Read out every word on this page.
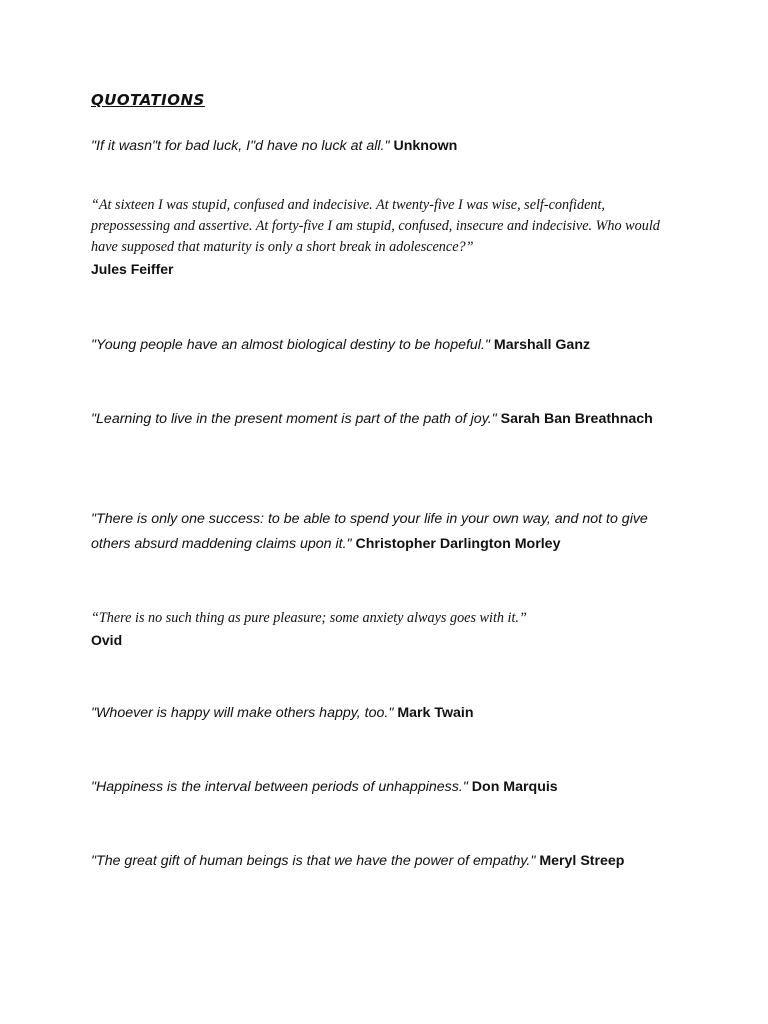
QUOTATIONS
"If it wasn"t for bad luck, I"d have no luck at all." Unknown
“At sixteen I was stupid, confused and indecisive. At twenty-five I was wise, self-confident, prepossessing and assertive. At forty-five I am stupid, confused, insecure and indecisive. Who would have supposed that maturity is only a short break in adolescence?”
Jules Feiffer
"Young people have an almost biological destiny to be hopeful." Marshall Ganz
"Learning to live in the present moment is part of the path of joy." Sarah Ban Breathnach
"There is only one success: to be able to spend your life in your own way, and not to give others absurd maddening claims upon it." Christopher Darlington Morley
“There is no such thing as pure pleasure; some anxiety always goes with it.”
Ovid
"Whoever is happy will make others happy, too." Mark Twain
"Happiness is the interval between periods of unhappiness." Don Marquis
"The great gift of human beings is that we have the power of empathy." Meryl Streep
